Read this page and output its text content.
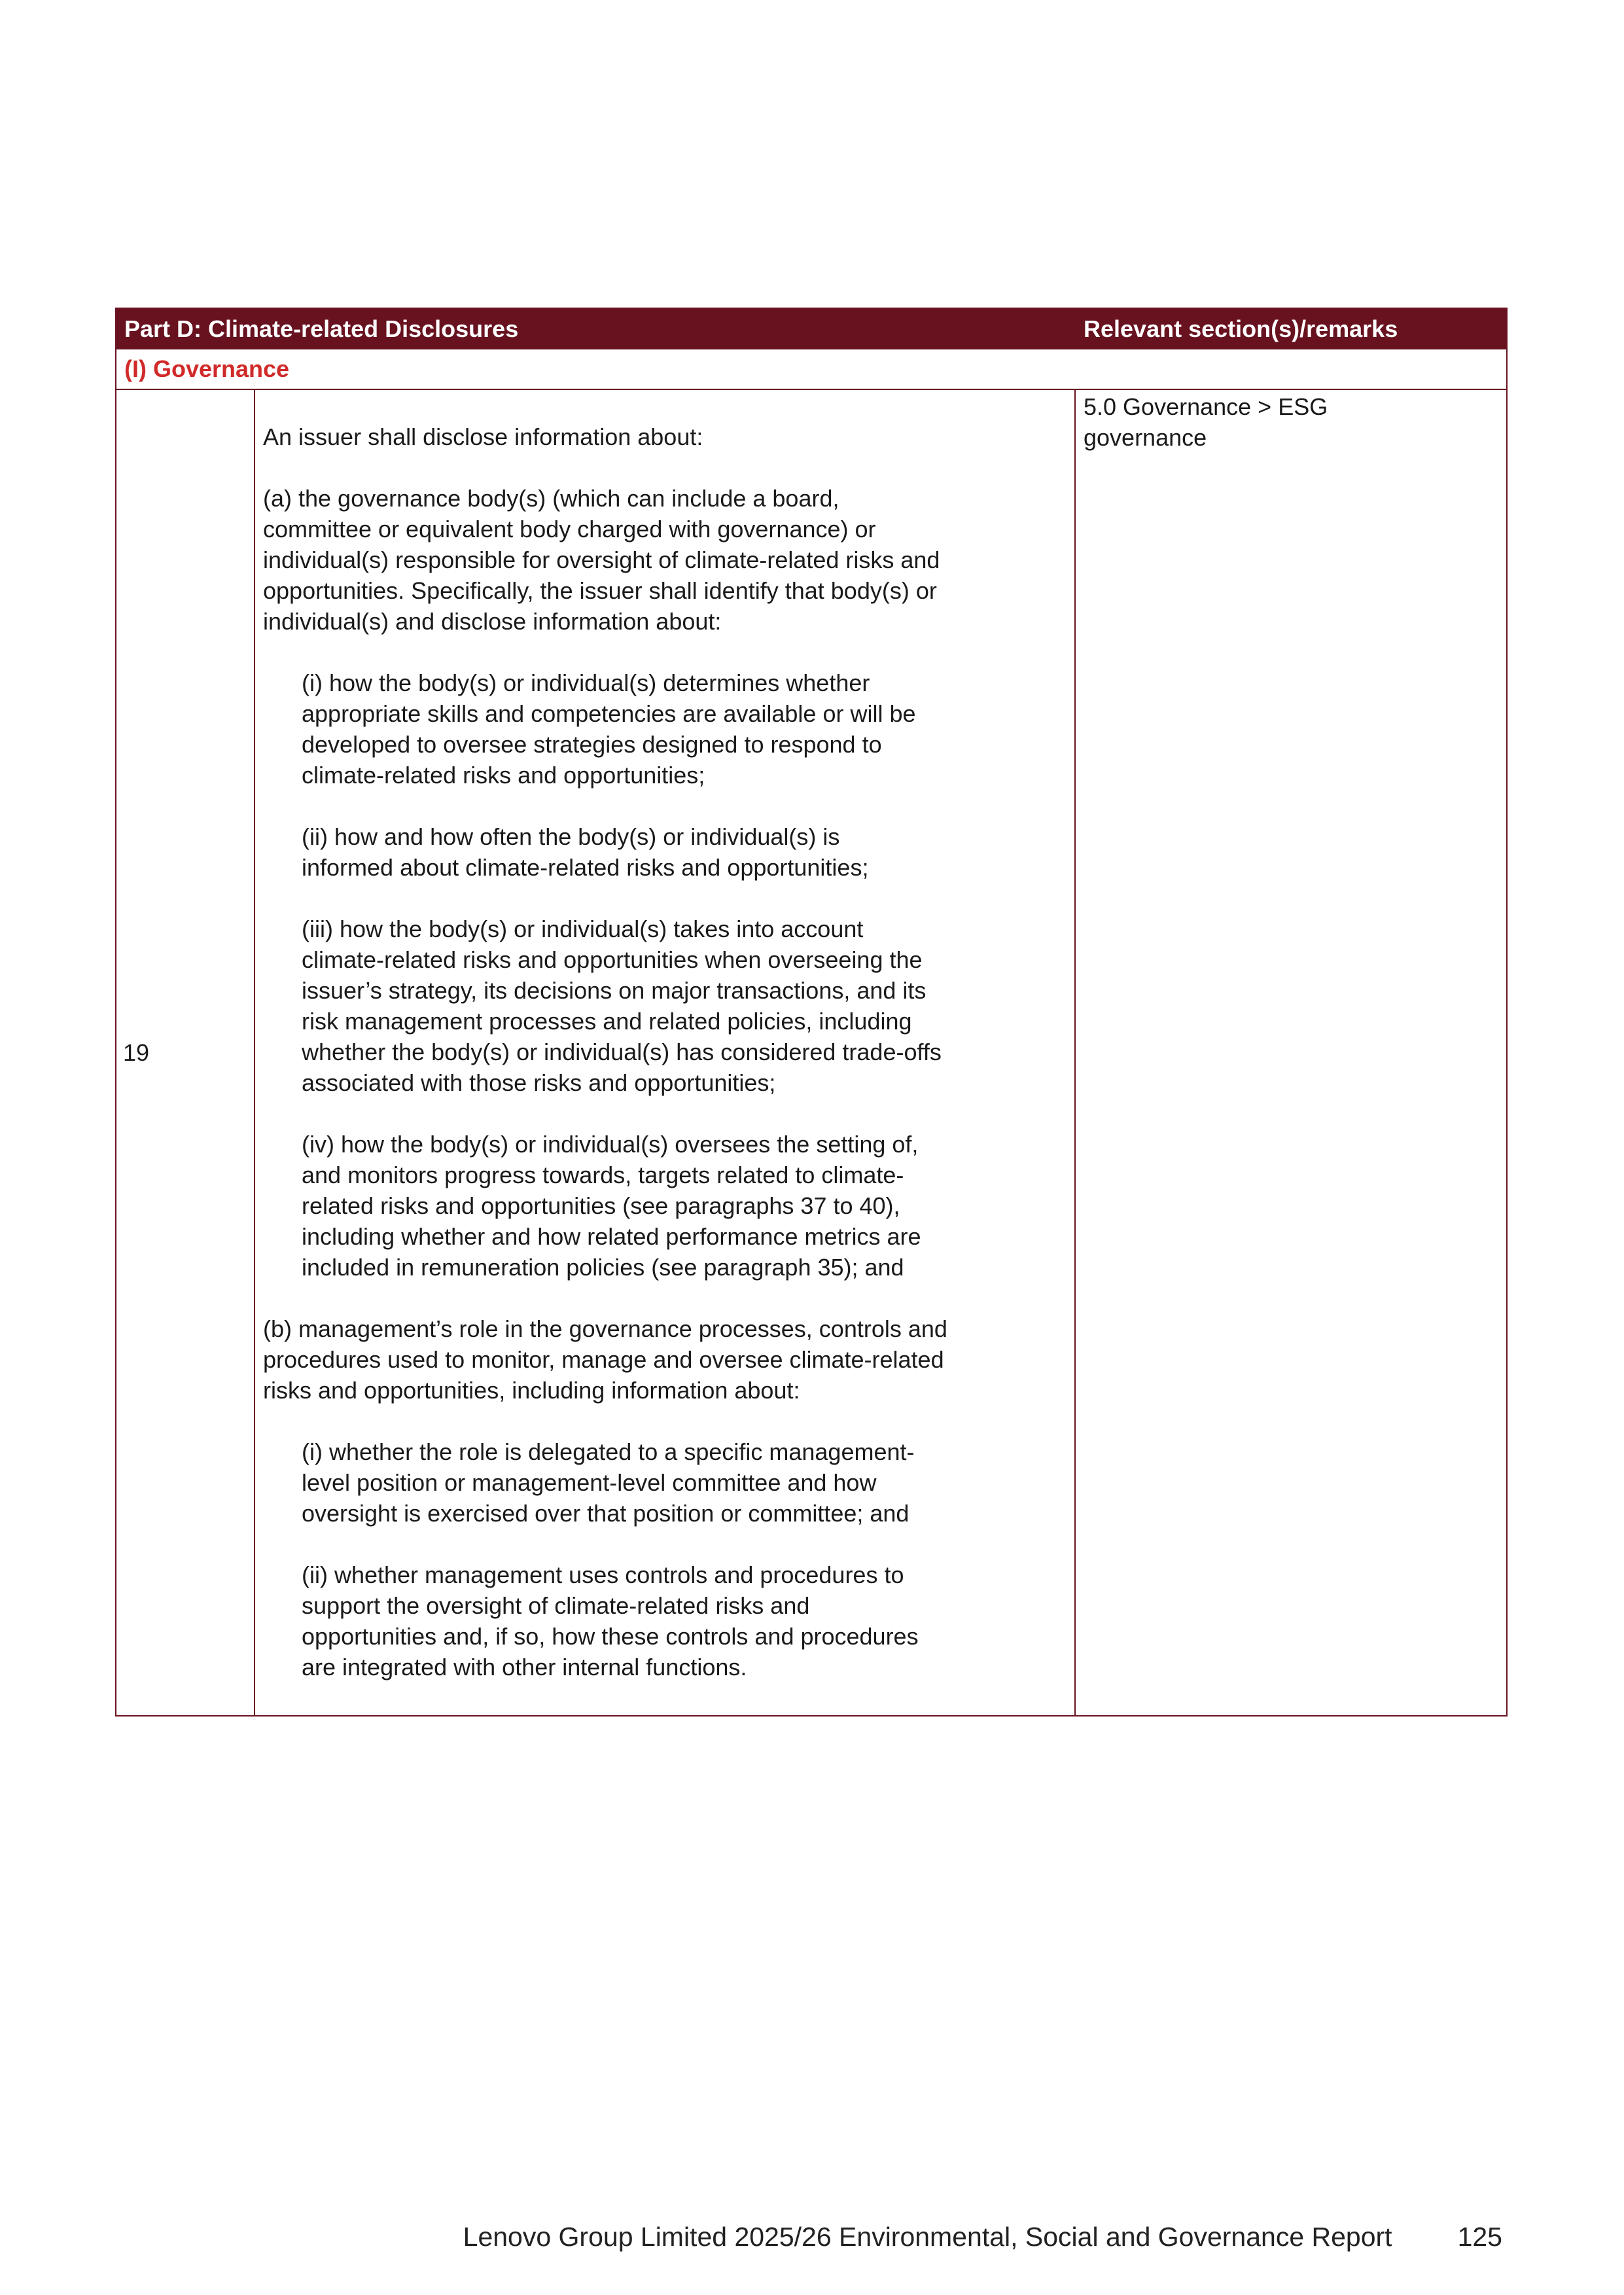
Part D: Climate-related Disclosures	Relevant section(s)/remarks
(I) Governance
19

An issuer shall disclose information about:

(a) the governance body(s) (which can include a board,
committee or equivalent body charged with governance) or
individual(s) responsible for oversight of climate-related risks and
opportunities. Specifically, the issuer shall identify that body(s) or
individual(s) and disclose information about:

(i) how the body(s) or individual(s) determines whether
appropriate skills and competencies are available or will be
developed to oversee strategies designed to respond to
climate-related risks and opportunities;

(ii) how and how often the body(s) or individual(s) is
informed about climate-related risks and opportunities;

(iii) how the body(s) or individual(s) takes into account
climate-related risks and opportunities when overseeing the
issuer’s strategy, its decisions on major transactions, and its
risk management processes and related policies, including
whether the body(s) or individual(s) has considered trade-offs
associated with those risks and opportunities;

(iv) how the body(s) or individual(s) oversees the setting of,
and monitors progress towards, targets related to climate-
related risks and opportunities (see paragraphs 37 to 40),
including whether and how related performance metrics are
included in remuneration policies (see paragraph 35); and

(b) management’s role in the governance processes, controls and
procedures used to monitor, manage and oversee climate-related
risks and opportunities, including information about:

(i) whether the role is delegated to a specific management-
level position or management-level committee and how
oversight is exercised over that position or committee; and

(ii) whether management uses controls and procedures to
support the oversight of climate-related risks and
opportunities and, if so, how these controls and procedures
are integrated with other internal functions.

5.0 Governance > ESG
governance

Lenovo Group Limited 2025/26 Environmental, Social and Governance Report 125
